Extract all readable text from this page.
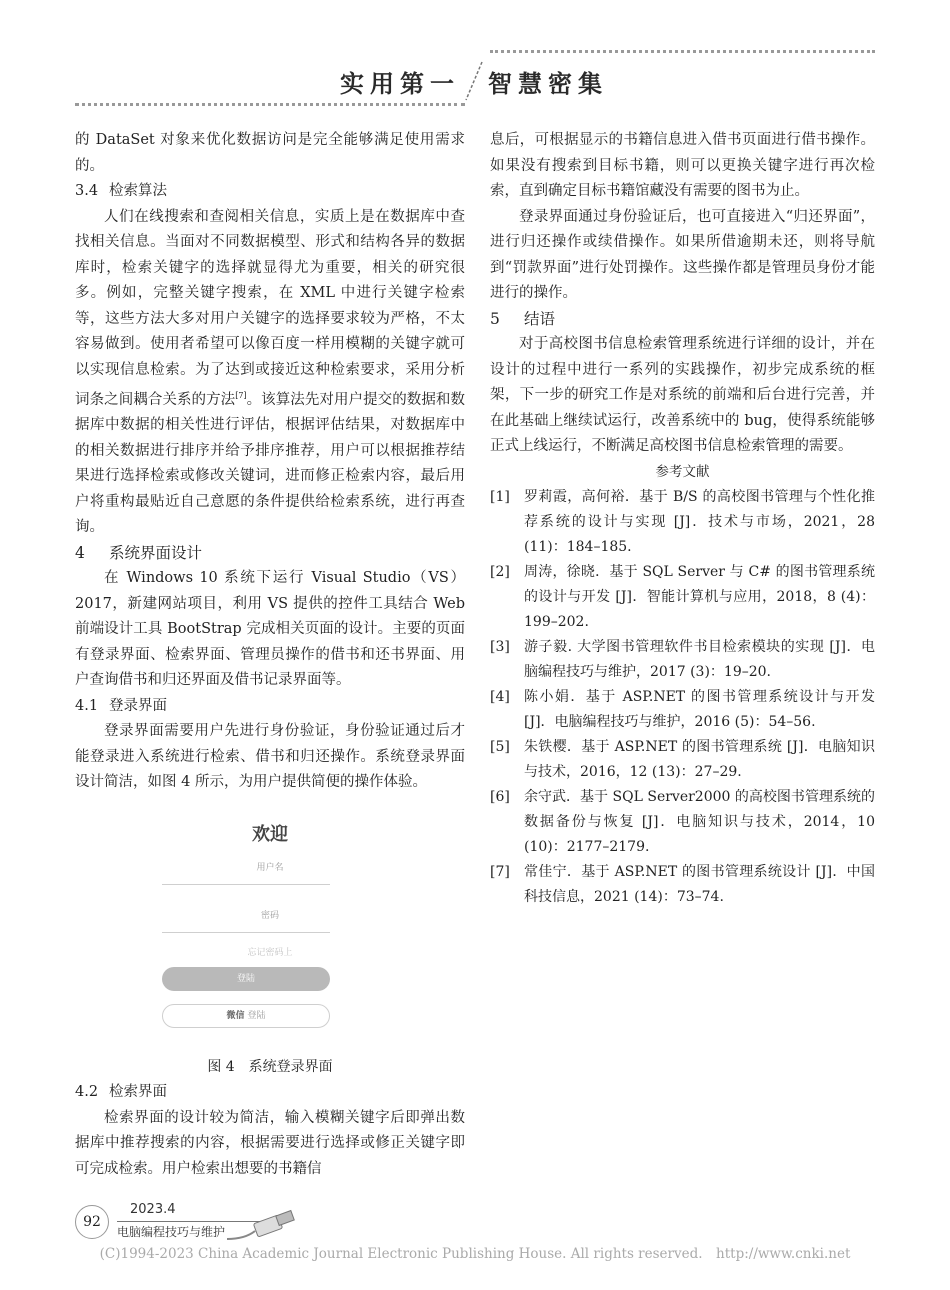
实用第一 智慧密集

的 DataSet 对象来优化数据访问是完全能够满足使用需求的。

3.4 检索算法

人们在线搜索和查阅相关信息，实质上是在数据库中查找相关信息。当面对不同数据模型、形式和结构各异的数据库时，检索关键字的选择就显得尤为重要，相关的研究很多。例如，完整关键字搜索，在 XML 中进行关键字检索等，这些方法大多对用户关键字的选择要求较为严格，不太容易做到。使用者希望可以像百度一样用模糊的关键字就可以实现信息检索。为了达到或接近这种检索要求，采用分析词条之间耦合关系的方法[7]。该算法先对用户提交的数据和数据库中数据的相关性进行评估，根据评估结果，对数据库中的相关数据进行排序并给予排序推荐，用户可以根据推荐结果进行选择检索或修改关键词，进而修正检索内容，最后用户将重构最贴近自己意愿的条件提供给检索系统，进行再查询。

4 系统界面设计

在 Windows 10 系统下运行 Visual Studio（VS）2017，新建网站项目，利用 VS 提供的控件工具结合 Web 前端设计工具 BootStrap 完成相关页面的设计。主要的页面有登录界面、检索界面、管理员操作的借书和还书界面、用户查询借书和归还界面及借书记录界面等。

4.1 登录界面

登录界面需要用户先进行身份验证，身份验证通过后才能登录进入系统进行检索、借书和归还操作。系统登录界面设计简洁，如图 4 所示，为用户提供简便的操作体验。

欢迎
用户名
密码
忘记密码上
登陆
微信 登陆

图 4　系统登录界面

4.2 检索界面

检索界面的设计较为简洁，输入模糊关键字后即弹出数据库中推荐搜索的内容，根据需要进行选择或修正关键字即可完成检索。用户检索出想要的书籍信

息后，可根据显示的书籍信息进入借书页面进行借书操作。如果没有搜索到目标书籍，则可以更换关键字进行再次检索，直到确定目标书籍馆藏没有需要的图书为止。

登录界面通过身份验证后，也可直接进入“归还界面”，进行归还操作或续借操作。如果所借逾期未还，则将导航到“罚款界面”进行处罚操作。这些操作都是管理员身份才能进行的操作。

5 结语

对于高校图书信息检索管理系统进行详细的设计，并在设计的过程中进行一系列的实践操作，初步完成系统的框架，下一步的研究工作是对系统的前端和后台进行完善，并在此基础上继续试运行，改善系统中的 bug，使得系统能够正式上线运行，不断满足高校图书信息检索管理的需要。

参考文献

[1]	罗莉霞，高何裕．基于 B/S 的高校图书管理与个性化推荐系统的设计与实现 [J]．技术与市场，2021，28 (11)：184–185.
[2]	周涛，徐晓．基于 SQL Server 与 C# 的图书管理系统的设计与开发 [J]．智能计算机与应用，2018，8 (4)：199–202.
[3]	游子毅. 大学图书管理软件书目检索模块的实现 [J]．电脑编程技巧与维护，2017 (3)：19–20.
[4]	陈小娟．基于 ASP.NET 的图书管理系统设计与开发 [J]．电脑编程技巧与维护，2016 (5)：54–56.
[5]	朱铁樱．基于 ASP.NET 的图书管理系统 [J]．电脑知识与技术，2016，12 (13)：27–29.
[6]	余守武．基于 SQL Server2000 的高校图书管理系统的数据备份与恢复 [J]．电脑知识与技术，2014，10 (10)：2177–2179.
[7]	常佳宁．基于 ASP.NET 的图书管理系统设计 [J]．中国科技信息，2021 (14)：73–74.
92
2023.4
电脑编程技巧与维护
(C)1994-2023 China Academic Journal Electronic Publishing House. All rights reserved.　http://www.cnki.net
